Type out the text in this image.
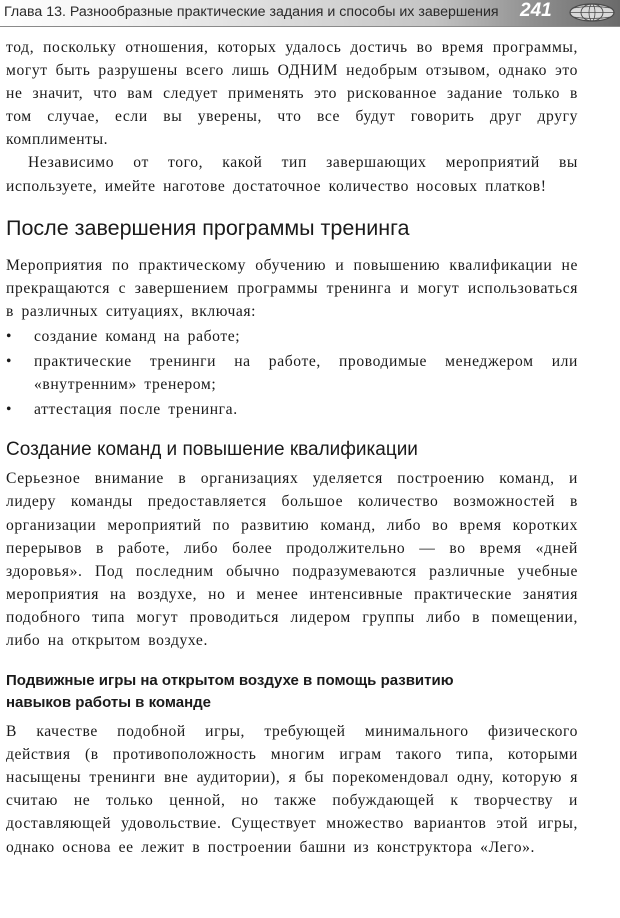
Глава 13. Разнообразные практические задания и способы их завершения 241

тод, поскольку отношения, которых удалось достичь во время программы, могут быть разрушены всего лишь ОДНИМ недобрым отзывом, однако это не значит, что вам следует применять это рискованное задание только в том случае, если вы уверены, что все будут говорить друг другу комплименты.

Независимо от того, какой тип завершающих мероприятий вы используете, имейте наготове достаточное количество носовых платков!

После завершения программы тренинга

Мероприятия по практическому обучению и повышению квалификации не прекращаются с завершением программы тренинга и могут использоваться в различных ситуациях, включая:

• создание команд на работе;
• практические тренинги на работе, проводимые менеджером или «внутренним» тренером;
• аттестация после тренинга.
Создание команд и повышение квалификации

Серьезное внимание в организациях уделяется построению команд, и лидеру команды предоставляется большое количество возможностей в организации мероприятий по развитию команд, либо во время коротких перерывов в работе, либо более продолжительно — во время «дней здоровья». Под последним обычно подразумеваются различные учебные мероприятия на воздухе, но и менее интенсивные практические занятия подобного типа могут проводиться лидером группы либо в помещении, либо на открытом воздухе.

Подвижные игры на открытом воздухе в помощь развитию навыков работы в команде

В качестве подобной игры, требующей минимального физического действия (в противоположность многим играм такого типа, которыми насыщены тренинги вне аудитории), я бы порекомендовал одну, которую я считаю не только ценной, но также побуждающей к творчеству и доставляющей удовольствие. Существует множество вариантов этой игры, однако основа ее лежит в построении башни из конструктора «Лего».
